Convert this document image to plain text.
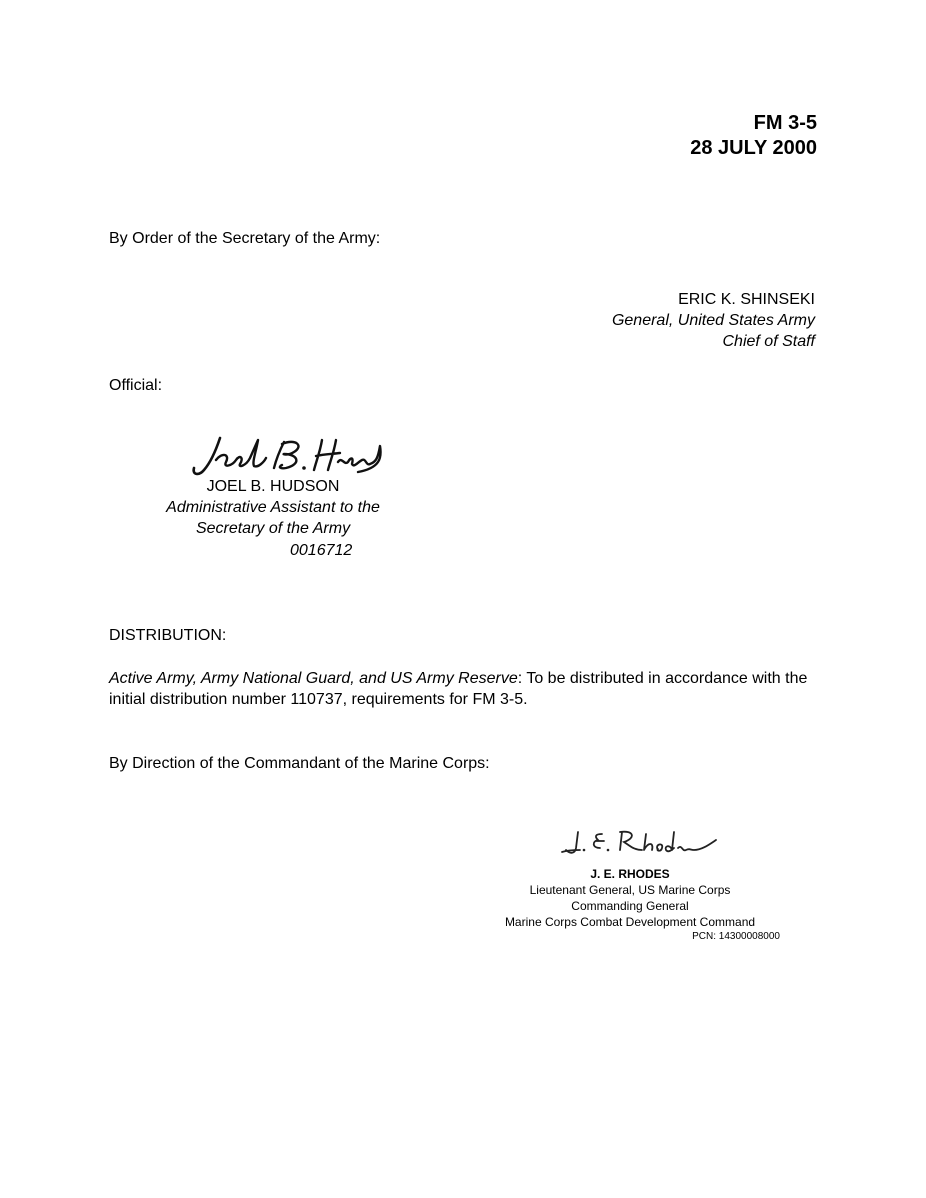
FM 3-5
28 JULY 2000
By Order of the Secretary of the Army:
ERIC K. SHINSEKI
General, United States Army
Chief of Staff
Official:
JOEL B. HUDSON
Administrative Assistant to the
Secretary of the Army
0016712
DISTRIBUTION:
Active Army, Army National Guard, and US Army Reserve: To be distributed in accordance with the initial distribution number 110737, requirements for FM 3-5.
By Direction of the Commandant of the Marine Corps:
J. E. RHODES
Lieutenant General, US Marine Corps
Commanding General
Marine Corps Combat Development Command
PCN: 14300008000
